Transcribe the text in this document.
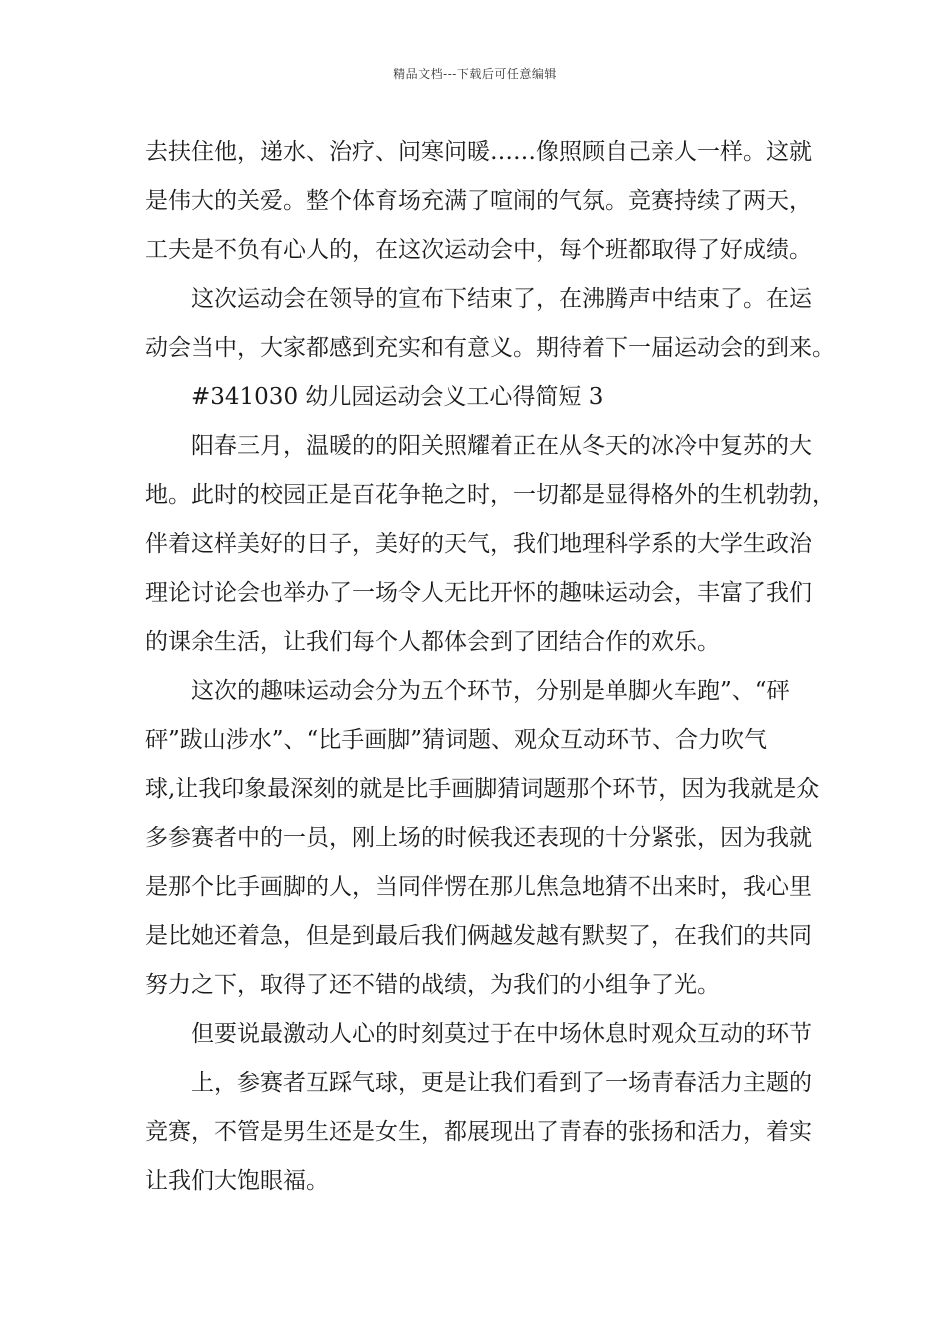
精品文档---下载后可任意编辑
去扶住他，递水、治疗、问寒问暖……像照顾自己亲人一样。这就
是伟大的关爱。整个体育场充满了喧闹的气氛。竞赛持续了两天，
工夫是不负有心人的，在这次运动会中，每个班都取得了好成绩。
这次运动会在领导的宣布下结束了，在沸腾声中结束了。在运
动会当中，大家都感到充实和有意义。期待着下一届运动会的到来。
#341030 幼儿园运动会义工心得简短 3
阳春三月，温暖的的阳关照耀着正在从冬天的冰冷中复苏的大
地。此时的校园正是百花争艳之时，一切都是显得格外的生机勃勃，
伴着这样美好的日子，美好的天气，我们地理科学系的大学生政治
理论讨论会也举办了一场令人无比开怀的趣味运动会，丰富了我们
的课余生活，让我们每个人都体会到了团结合作的欢乐。
这次的趣味运动会分为五个环节，分别是单脚火车跑”、“砰
砰”跋山涉水”、“比手画脚”猜词题、观众互动环节、合力吹气
球,让我印象最深刻的就是比手画脚猜词题那个环节，因为我就是众
多参赛者中的一员，刚上场的时候我还表现的十分紧张，因为我就
是那个比手画脚的人，当同伴愣在那儿焦急地猜不出来时，我心里
是比她还着急，但是到最后我们俩越发越有默契了，在我们的共同
努力之下，取得了还不错的战绩，为我们的小组争了光。
但要说最激动人心的时刻莫过于在中场休息时观众互动的环节
上，参赛者互踩气球，更是让我们看到了一场青春活力主题的
竞赛，不管是男生还是女生，都展现出了青春的张扬和活力，着实
让我们大饱眼福。
